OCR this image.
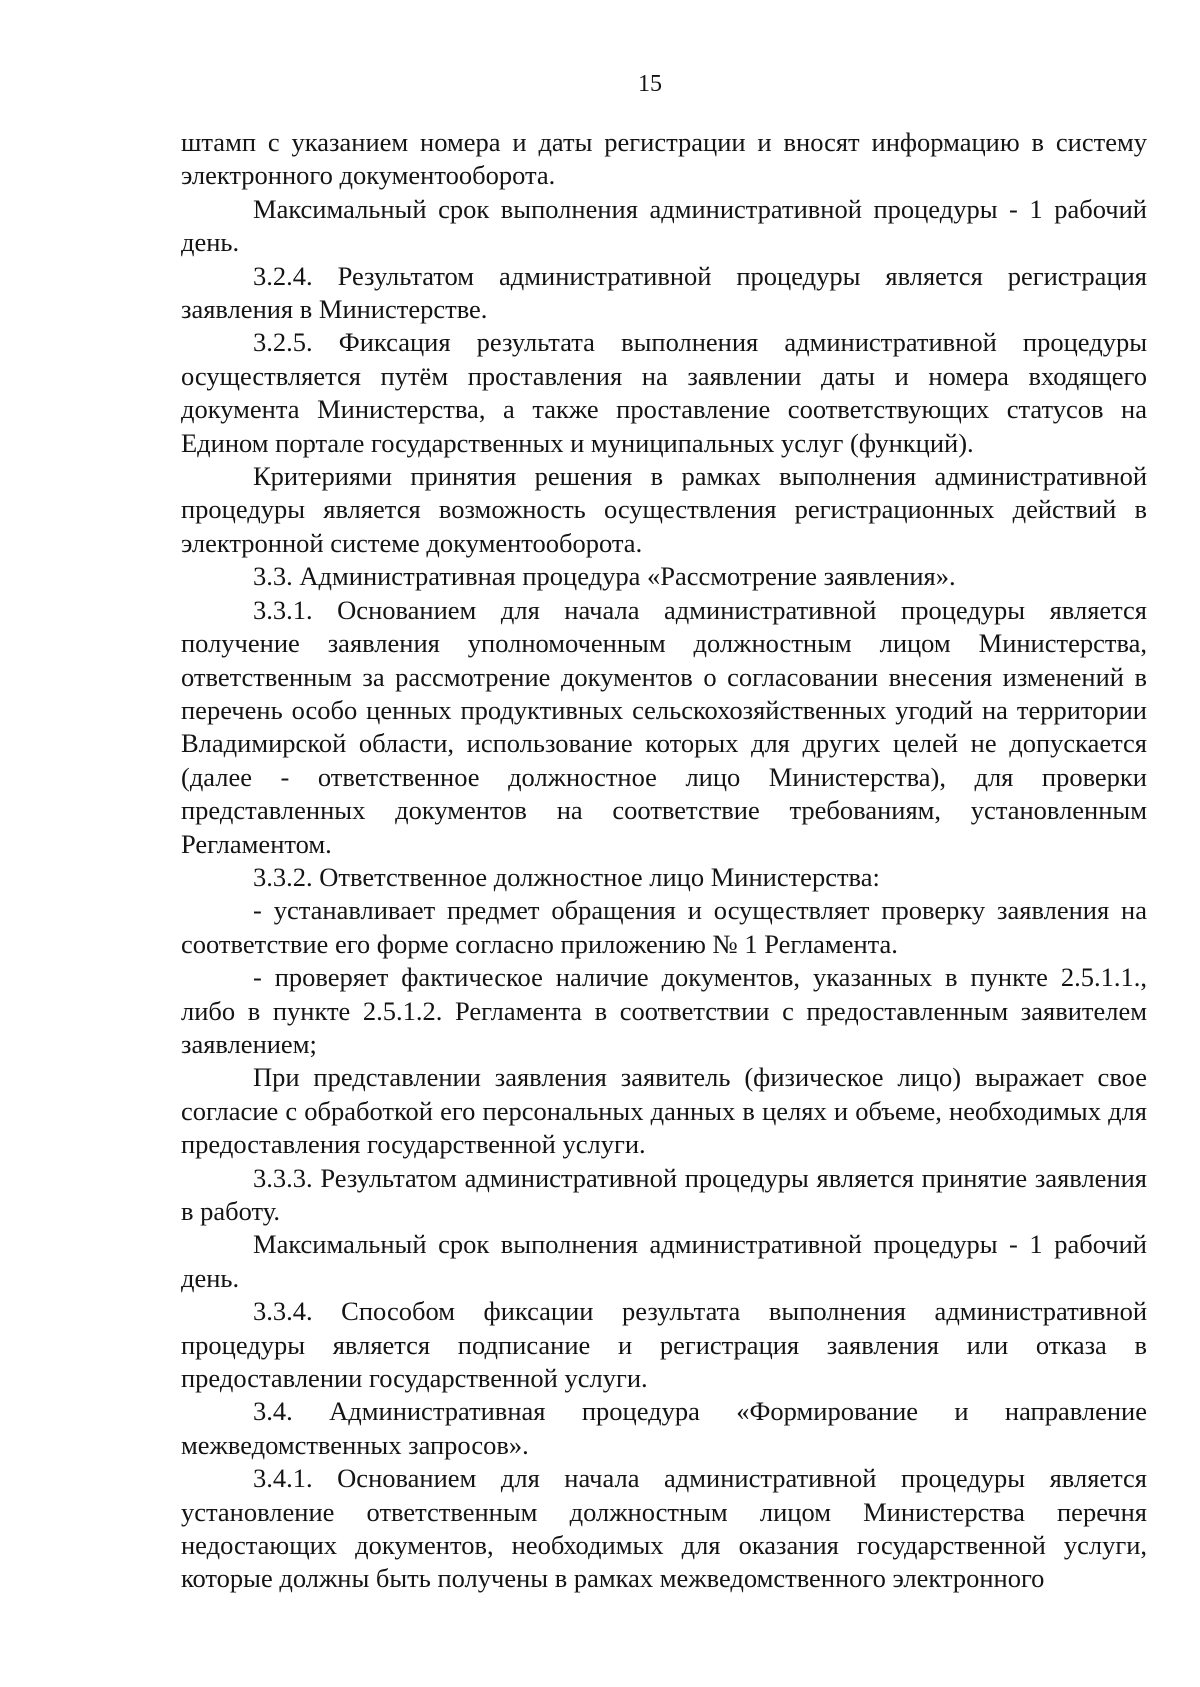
15

штамп с указанием номера и даты регистрации и вносят информацию в систему электронного документооборота.

Максимальный срок выполнения административной процедуры - 1 рабочий день.

3.2.4. Результатом административной процедуры является регистрация заявления в Министерстве.

3.2.5. Фиксация результата выполнения административной процедуры осуществляется путём проставления на заявлении даты и номера входящего документа Министерства, а также проставление соответствующих статусов на Едином портале государственных и муниципальных услуг (функций).

Критериями принятия решения в рамках выполнения административной процедуры является возможность осуществления регистрационных действий в электронной системе документооборота.

3.3. Административная процедура «Рассмотрение заявления».

3.3.1. Основанием для начала административной процедуры является получение заявления уполномоченным должностным лицом Министерства, ответственным за рассмотрение документов о согласовании внесения изменений в перечень особо ценных продуктивных сельскохозяйственных угодий на территории Владимирской области, использование которых для других целей не допускается (далее - ответственное должностное лицо Министерства), для проверки представленных документов на соответствие требованиям, установленным Регламентом.

3.3.2. Ответственное должностное лицо Министерства:

- устанавливает предмет обращения и осуществляет проверку заявления на соответствие его форме согласно приложению № 1 Регламента.

- проверяет фактическое наличие документов, указанных в пункте 2.5.1.1., либо в пункте 2.5.1.2. Регламента в соответствии с предоставленным заявителем заявлением;

При представлении заявления заявитель (физическое лицо) выражает свое согласие с обработкой его персональных данных в целях и объеме, необходимых для предоставления государственной услуги.

3.3.3. Результатом административной процедуры является принятие заявления в работу.

Максимальный срок выполнения административной процедуры - 1 рабочий день.

3.3.4. Способом фиксации результата выполнения административной процедуры является подписание и регистрация заявления или отказа в предоставлении государственной услуги.

3.4. Административная процедура «Формирование и направление межведомственных запросов».

3.4.1. Основанием для начала административной процедуры является установление ответственным должностным лицом Министерства перечня недостающих документов, необходимых для оказания государственной услуги, которые должны быть получены в рамках межведомственного электронного
